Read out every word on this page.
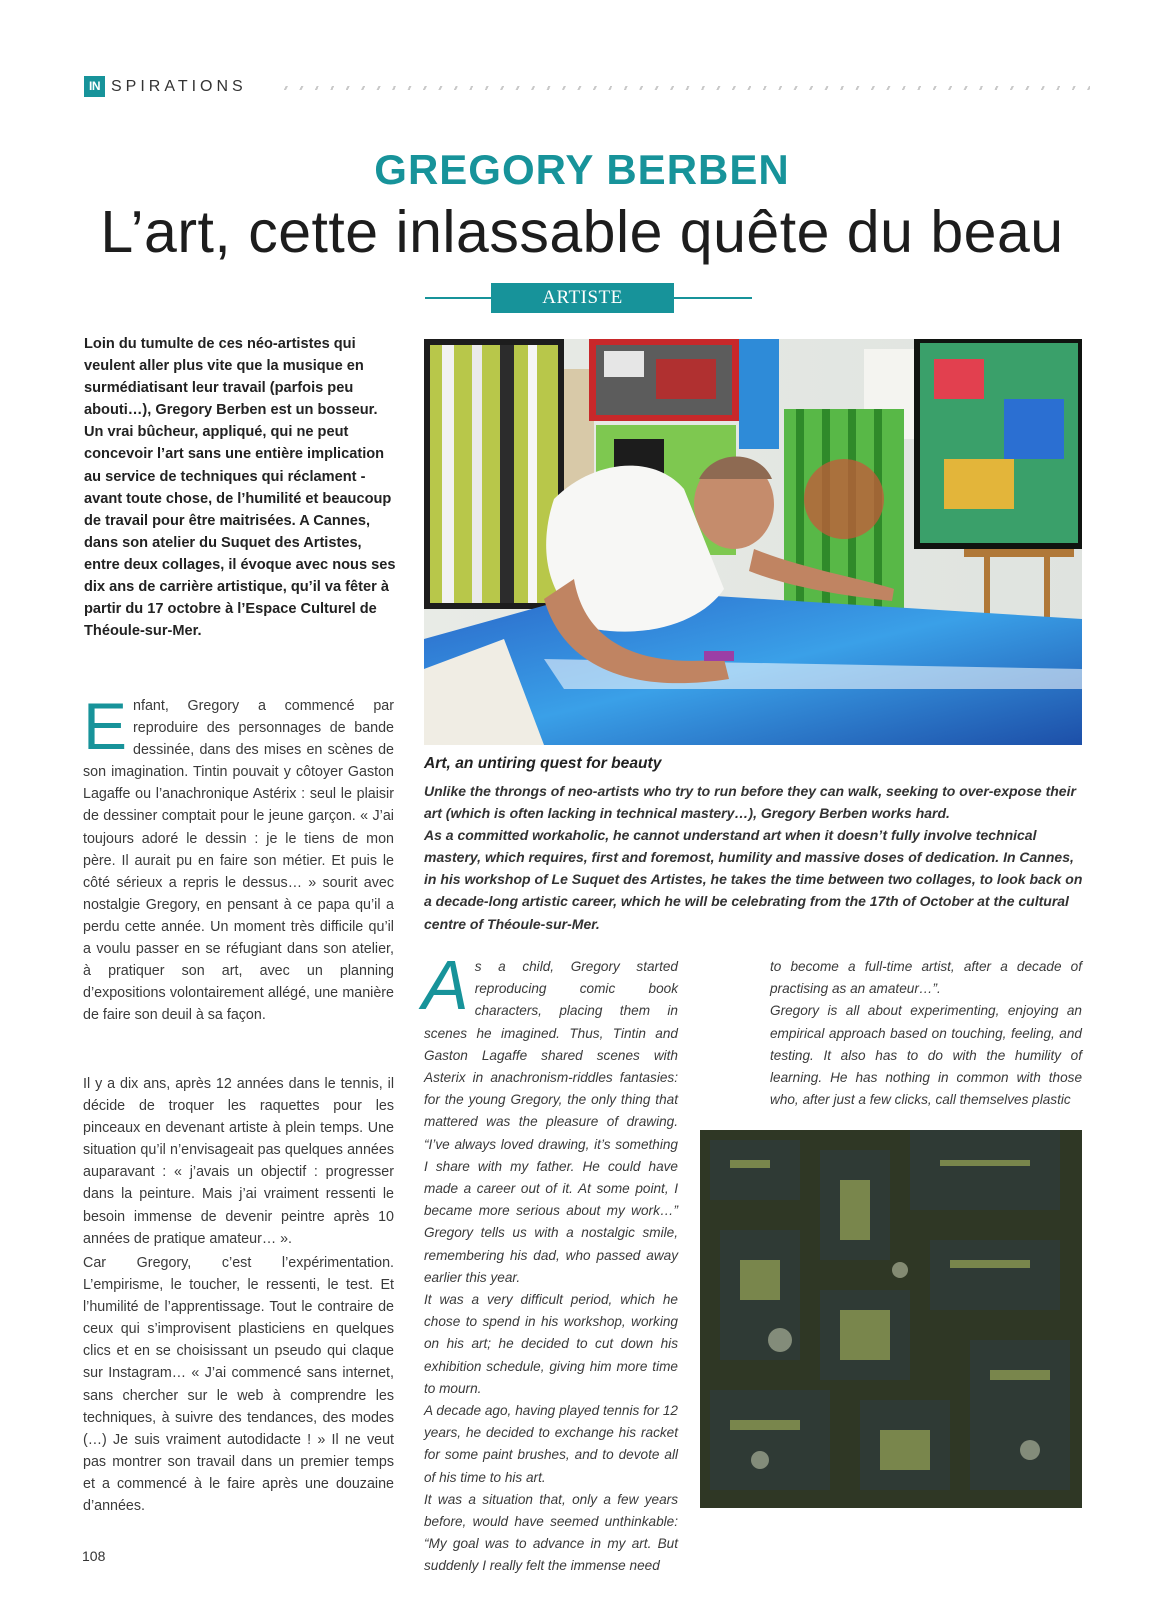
IN SPIRATIONS
GREGORY BERBEN
L’art, cette inlassable quête du beau
ARTISTE
Loin du tumulte de ces néo-artistes qui veulent aller plus vite que la musique en surmédiatisant leur travail (parfois peu abouti…), Gregory Berben est un bosseur. Un vrai bûcheur, appliqué, qui ne peut concevoir l’art sans une entière implication au service de techniques qui réclament -avant toute chose, de l’humilité et beaucoup de travail pour être maitrisées. A Cannes, dans son atelier du Suquet des Artistes, entre deux collages, il évoque avec nous ses dix ans de carrière artistique, qu’il va fêter à partir du 17 octobre à l’Espace Culturel de Théoule-sur-Mer.
E nfant, Gregory a commencé par reproduire des personnages de bande dessinée, dans des mises en scènes de son imagination. Tintin pouvait y côtoyer Gaston Lagaffe ou l’anachronique Astérix : seul le plaisir de dessiner comptait pour le jeune garçon. « J’ai toujours adoré le dessin : je le tiens de mon père. Il aurait pu en faire son métier. Et puis le côté sérieux a repris le dessus… » sourit avec nostalgie Gregory, en pensant à ce papa qu’il a perdu cette année. Un moment très difficile qu’il a voulu passer en se réfugiant dans son atelier, à pratiquer son art, avec un planning d’expositions volontairement allégé, une manière de faire son deuil à sa façon.

Il y a dix ans, après 12 années dans le tennis, il décide de troquer les raquettes pour les pinceaux en devenant artiste à plein temps. Une situation qu’il n’envisageait pas quelques années auparavant : « j’avais un objectif : progresser dans la peinture. Mais j’ai vraiment ressenti le besoin immense de devenir peintre après 10 années de pratique amateur… ».

Car Gregory, c’est l’expérimentation. L’empirisme, le toucher, le ressenti, le test. Et l’humilité de l’apprentissage. Tout le contraire de ceux qui s’improvisent plasticiens en quelques clics et en se choisissant un pseudo qui claque sur Instagram… « J’ai commencé sans internet, sans chercher sur le web à comprendre les techniques, à suivre des tendances, des modes (…) Je suis vraiment autodidacte ! » Il ne veut pas montrer son travail dans un premier temps et a commencé à le faire après une douzaine d’années.

Art, an untiring quest for beauty

Unlike the throngs of neo-artists who try to run before they can walk, seeking to over-expose their art (which is often lacking in technical mastery…), Gregory Berben works hard.

As a committed workaholic, he cannot understand art when it doesn’t fully involve technical mastery, which requires, first and foremost, humility and massive doses of dedication. In Cannes, in his workshop of Le Suquet des Artistes, he takes the time between two collages, to look back on a decade-long artistic career, which he will be celebrating from the 17th of October at the cultural centre of Théoule-sur-Mer.

A s a child, Gregory started reproducing comic book characters, placing them in scenes he imagined. Thus, Tintin and Gaston Lagaffe shared scenes with Asterix in anachronism-riddles fantasies: for the young Gregory, the only thing that mattered was the pleasure of drawing. “I’ve always loved drawing, it’s something I share with my father. He could have made a career out of it. At some point, I became more serious about my work…” Gregory tells us with a nostalgic smile, remembering his dad, who passed away earlier this year.

It was a very difficult period, which he chose to spend in his workshop, working on his art; he decided to cut down his exhibition schedule, giving him more time to mourn.

A decade ago, having played tennis for 12 years, he decided to exchange his racket for some paint brushes, and to devote all of his time to his art.

It was a situation that, only a few years before, would have seemed unthinkable: “My goal was to advance in my art. But suddenly I really felt the immense need

to become a full-time artist, after a decade of practising as an amateur…”.

Gregory is all about experimenting, enjoying an empirical approach based on touching, feeling, and testing. It also has to do with the humility of learning. He has nothing in common with those who, after just a few clicks, call themselves plastic

108
